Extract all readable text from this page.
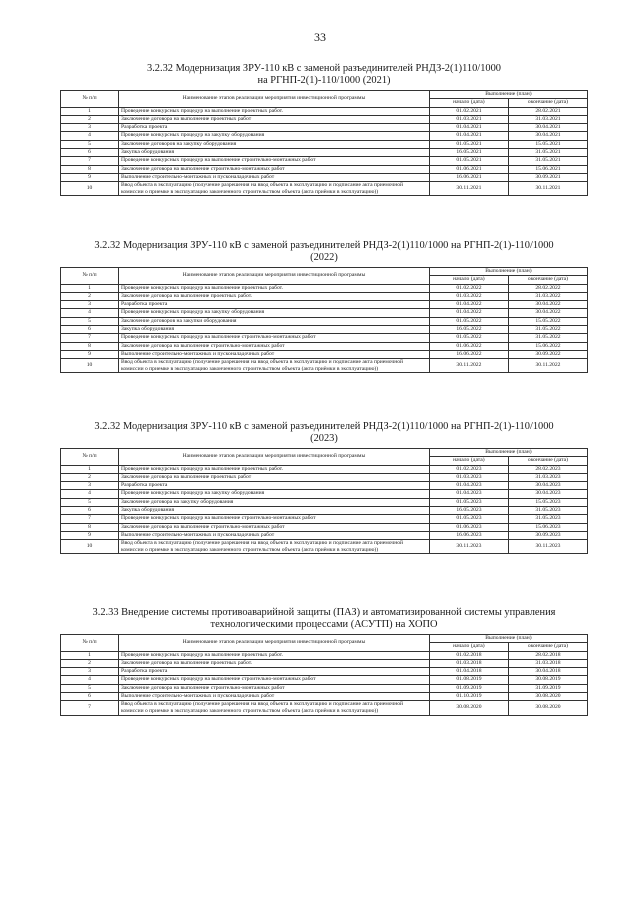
33
3.2.32 Модернизация ЗРУ-110 кВ с заменой разъединителей РНДЗ-2(1)110/1000
на РГНП-2(1)-110/1000 (2021)
№ п/п	Наименование этапов реализации мероприятия инвестиционной программы	Выполнение (план)	
		начало (дата)	окончание (дата)
1	Проведение конкурсных процедур на выполнение проектных работ.	01.02.2021	28.02.2021
2	Заключение договора на выполнение проектных работ	01.03.2021	31.03.2021
3	Разработка проекта	01.04.2021	30.04.2021
4	Проведение конкурсных процедур на закупку оборудования	01.04.2021	30.04.2021
5	Заключение договоров на закупку оборудования	01.05.2021	15.05.2021
6	Закупка оборудования	16.05.2021	31.05.2021
7	Проведение конкурсных процедур на выполнение строительно-монтажных работ	01.05.2021	31.05.2021
8	Заключение договора на выполнение строительно-монтажных работ	01.06.2021	15.06.2021
9	Выполнение строительно-монтажных и пусконаладочных работ	16.06.2021	30.09.2021
10	Ввод объекта в эксплуатацию (получение разрешения на ввод объекта в эксплуатацию и подписание акта приемочной комиссии о приемке в эксплуатацию законченного строительством объекта (акта приёмки в эксплуатацию))	30.11.2021	30.11.2021
3.2.32 Модернизация ЗРУ-110 кВ с заменой разъединителей РНДЗ-2(1)110/1000 на РГНП-2(1)-110/1000
(2022)
№ п/п	Наименование этапов реализации мероприятия инвестиционной программы	Выполнение (план)	
		начало (дата)	окончание (дата)
1	Проведение конкурсных процедур на выполнение проектных работ.	01.02.2022	28.02.2022
2	Заключение договора на выполнение проектных работ.	01.03.2022	31.03.2022
3	Разработка проекта	01.04.2022	30.04.2022
4	Проведение конкурсных процедур на закупку оборудования	01.04.2022	30.04.2022
5	Заключение договоров на закупки оборудования	01.05.2022	15.05.2022
6	Закупка оборудования	16.05.2022	31.05.2022
7	Проведение конкурсных процедур на выполнение строительно-монтажных работ	01.05.2022	31.05.2022
8	Заключение договора на выполнение строительно-монтажных работ	01.06.2022	15.06.2022
9	Выполнение строительно-монтажных и пусконаладочных работ	16.06.2022	30.09.2022
10	Ввод объекта в эксплуатацию (получение разрешения на ввод объекта в эксплуатацию и подписание акта приемочной комиссии о приемке в эксплуатацию законченного строительством объекта (акта приёмки в эксплуатацию))	30.11.2022	30.11.2022
3.2.32 Модернизация ЗРУ-110 кВ с заменой разъединителей РНДЗ-2(1)110/1000 на РГНП-2(1)-110/1000
(2023)
№ п/п	Наименование этапов реализации мероприятия инвестиционной программы	Выполнение (план)	
		начало (дата)	окончание (дата)
1	Проведение конкурсных процедур на выполнение проектных работ.	01.02.2023	28.02.2023
2	Заключение договора на выполнение проектных работ	01.03.2023	31.03.2023
3	Разработка проекта	01.04.2023	30.04.2023
4	Проведение конкурсных процедур на закупку оборудования	01.04.2023	30.04.2023
5	Заключение договора на закупку оборудования	01.05.2023	15.05.2023
6	Закупка оборудования	16.05.2023	31.05.2023
7	Проведение конкурсных процедур на выполнение строительно-монтажных работ	01.05.2023	31.05.2023
8	Заключение договора на выполнение строительно-монтажных работ	01.06.2023	15.06.2023
9	Выполнение строительно-монтажных и пусконаладочных работ	16.06.2023	30.09.2023
10	Ввод объекта в эксплуатацию (получение разрешения на ввод объекта в эксплуатацию и подписание акта приемочной комиссии о приемке в эксплуатацию законченного строительством объекта (акта приёмки в эксплуатацию))	30.11.2023	30.11.2023
3.2.33 Внедрение системы противоаварийной защиты (ПАЗ) и автоматизированной системы управления
технологическими процессами (АСУТП) на ХОПО
№ п/п	Наименование этапов реализации мероприятия инвестиционной программы	Выполнение (план)	
		начало (дата)	окончание (дата)
1	Проведение конкурсных процедур на выполнение проектных работ.	01.02.2018	28.02.2018
2	Заключение договора на выполнение проектных работ.	01.03.2018	31.03.2018
3	Разработка проекта	01.04.2018	30.04.2018
4	Проведение конкурсных процедур на выполнение строительно-монтажных работ	01.08.2019	30.08.2019
5	Заключение договора на выполнение строительно-монтажных работ	01.09.2019	31.09.2019
6	Выполнение строительно-монтажных и пусконаладочных работ	01.10.2019	30.08.2020
7	Ввод объекта в эксплуатацию (получение разрешения на ввод объекта в эксплуатацию и подписание акта приемочной комиссии о приемке в эксплуатацию законченного строительством объекта (акта приёмки в эксплуатацию))	30.08.2020	30.08.2020
